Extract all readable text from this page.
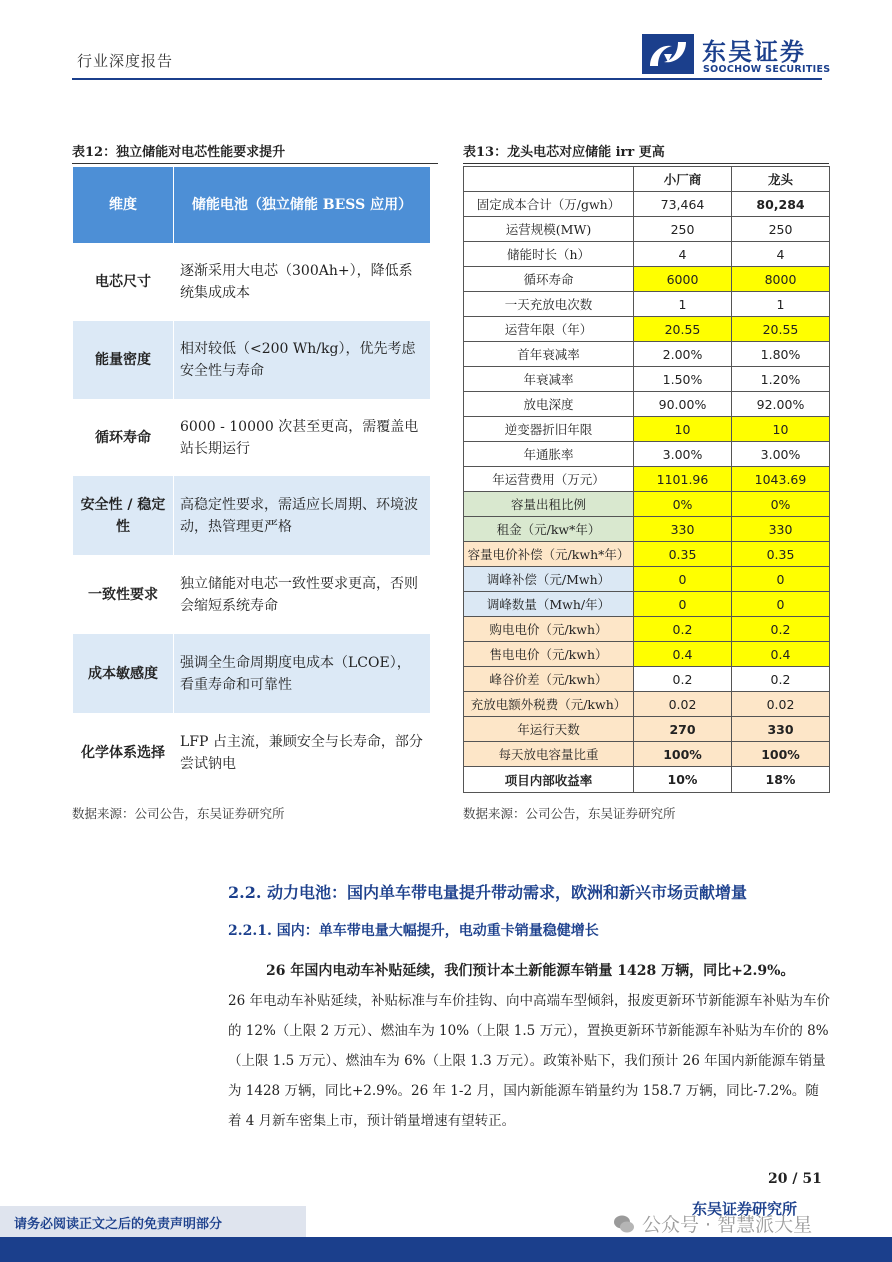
行业深度报告	东吴证券
SOOCHOW SECURITIES
表12：独立储能对电芯性能要求提升
维度	储能电池（独立储能 BESS 应用）
电芯尺寸	逐渐采用大电芯（300Ah+），降低系统集成成本
能量密度	相对较低（<200 Wh/kg），优先考虑安全性与寿命
循环寿命	6000 - 10000 次甚至更高，需覆盖电站长期运行
安全性 / 稳定性	高稳定性要求，需适应长周期、环境波动，热管理更严格
一致性要求	独立储能对电芯一致性要求更高，否则会缩短系统寿命
成本敏感度	强调全生命周期度电成本（LCOE），看重寿命和可靠性
化学体系选择	LFP 占主流，兼顾安全与长寿命，部分尝试钠电
数据来源：公司公告，东吴证券研究所
表13：龙头电芯对应储能 irr 更高
	小厂商	龙头
固定成本合计（万/gwh）	73,464	80,284
运营规模(MW)	250	250
储能时长（h）	4	4
循环寿命	6000	8000
一天充放电次数	1	1
运营年限（年）	20.55	20.55
首年衰减率	2.00%	1.80%
年衰减率	1.50%	1.20%
放电深度	90.00%	92.00%
逆变器折旧年限	10	10
年通胀率	3.00%	3.00%
年运营费用（万元）	1101.96	1043.69
容量出租比例	0%	0%
租金（元/kw*年）	330	330
容量电价补偿（元/kwh*年）	0.35	0.35
调峰补偿（元/Mwh）	0	0
调峰数量（Mwh/年）	0	0
购电电价（元/kwh）	0.2	0.2
售电电价（元/kwh）	0.4	0.4
峰谷价差（元/kwh）	0.2	0.2
充放电额外税费（元/kwh）	0.02	0.02
年运行天数	270	330
每天放电容量比重	100%	100%
项目内部收益率	10%	18%
数据来源：公司公告，东吴证券研究所
2.2. 动力电池：国内单车带电量提升带动需求，欧洲和新兴市场贡献增量
2.2.1. 国内：单车带电量大幅提升，电动重卡销量稳健增长
26 年国内电动车补贴延续，我们预计本土新能源车销量 1428 万辆，同比+2.9%。

26 年电动车补贴延续，补贴标准与车价挂钩、向中高端车型倾斜，报废更新环节新能源车补贴为车价的 12%（上限 2 万元）、燃油车为 10%（上限 1.5 万元），置换更新环节新能源车补贴为车价的 8%（上限 1.5 万元）、燃油车为 6%（上限 1.3 万元）。政策补贴下，我们预计 26 年国内新能源车销量为 1428 万辆，同比+2.9%。26 年 1-2 月，国内新能源车销量约为 158.7 万辆，同比-7.2%。随着 4 月新车密集上市，预计销量增速有望转正。

20 / 51
东吴证券研究所
请务必阅读正文之后的免责声明部分	公众号 · 智慧派大星
